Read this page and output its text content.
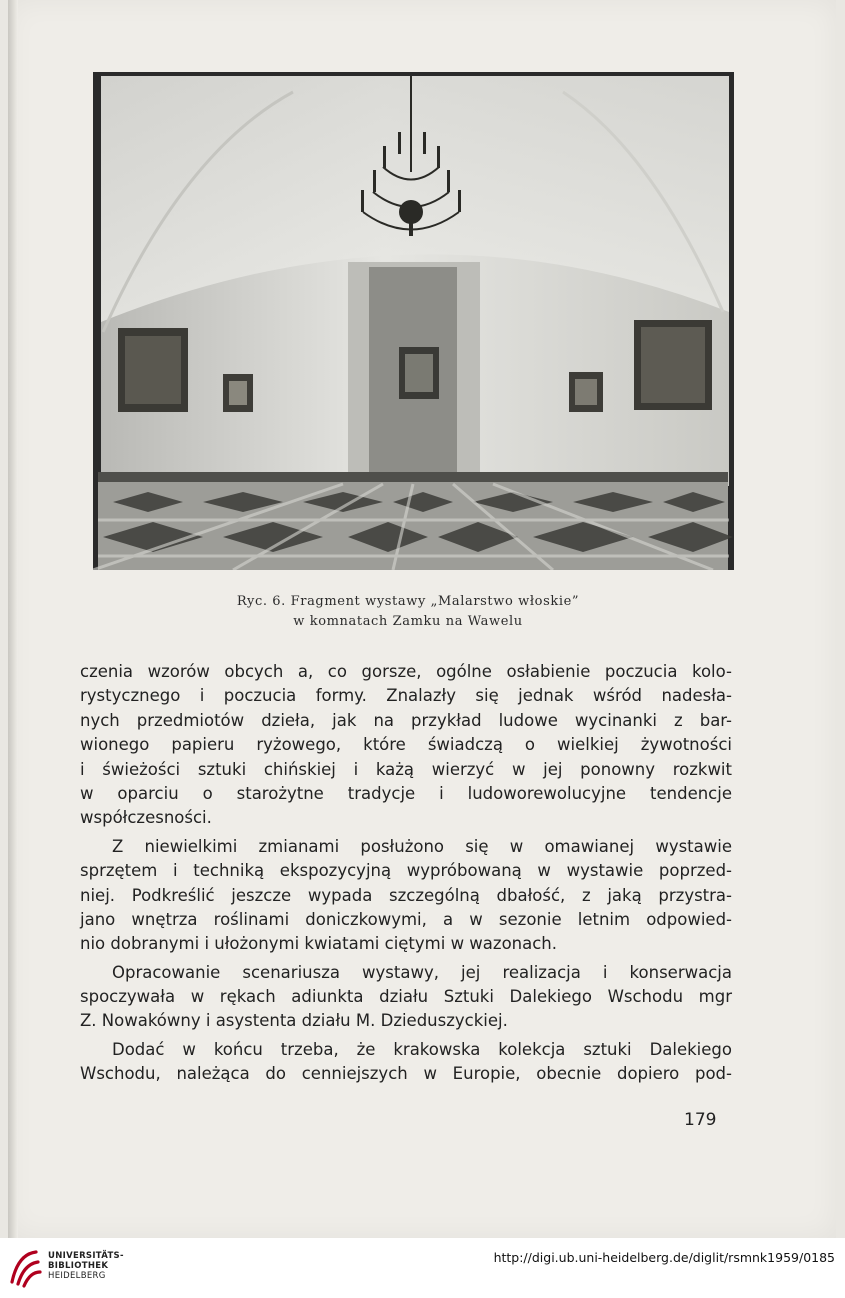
Ryc. 6. Fragment wystawy „Malarstwo włoskie”
w komnatach Zamku na Wawelu
czenia wzorów obcych a, co gorsze, ogólne osłabienie poczucia kolo-
rystycznego i poczucia formy. Znalazły się jednak wśród nadesła-
nych przedmiotów dzieła, jak na przykład ludowe wycinanki z bar-
wionego papieru ryżowego, które świadczą o wielkiej żywotności
i świeżości sztuki chińskiej i każą wierzyć w jej ponowny rozkwit
w oparciu o starożytne tradycje i ludoworewolucyjne tendencje
współczesności.
Z niewielkimi zmianami posłużono się w omawianej wystawie
sprzętem i techniką ekspozycyjną wypróbowaną w wystawie poprzed-
niej. Podkreślić jeszcze wypada szczególną dbałość, z jaką przystra-
jano wnętrza roślinami doniczkowymi, a w sezonie letnim odpowied-
nio dobranymi i ułożonymi kwiatami ciętymi w wazonach.
Opracowanie scenariusza wystawy, jej realizacja i konserwacja
spoczywała w rękach adiunkta działu Sztuki Dalekiego Wschodu mgr
Z. Nowakówny i asystenta działu M. Dzieduszyckiej.
Dodać w końcu trzeba, że krakowska kolekcja sztuki Dalekiego
Wschodu, należąca do cenniejszych w Europie, obecnie dopiero pod-
179
UNIVERSITÄTS-
BIBLIOTHEK
HEIDELBERG
http://digi.ub.uni-heidelberg.de/diglit/rsmnk1959/0185
